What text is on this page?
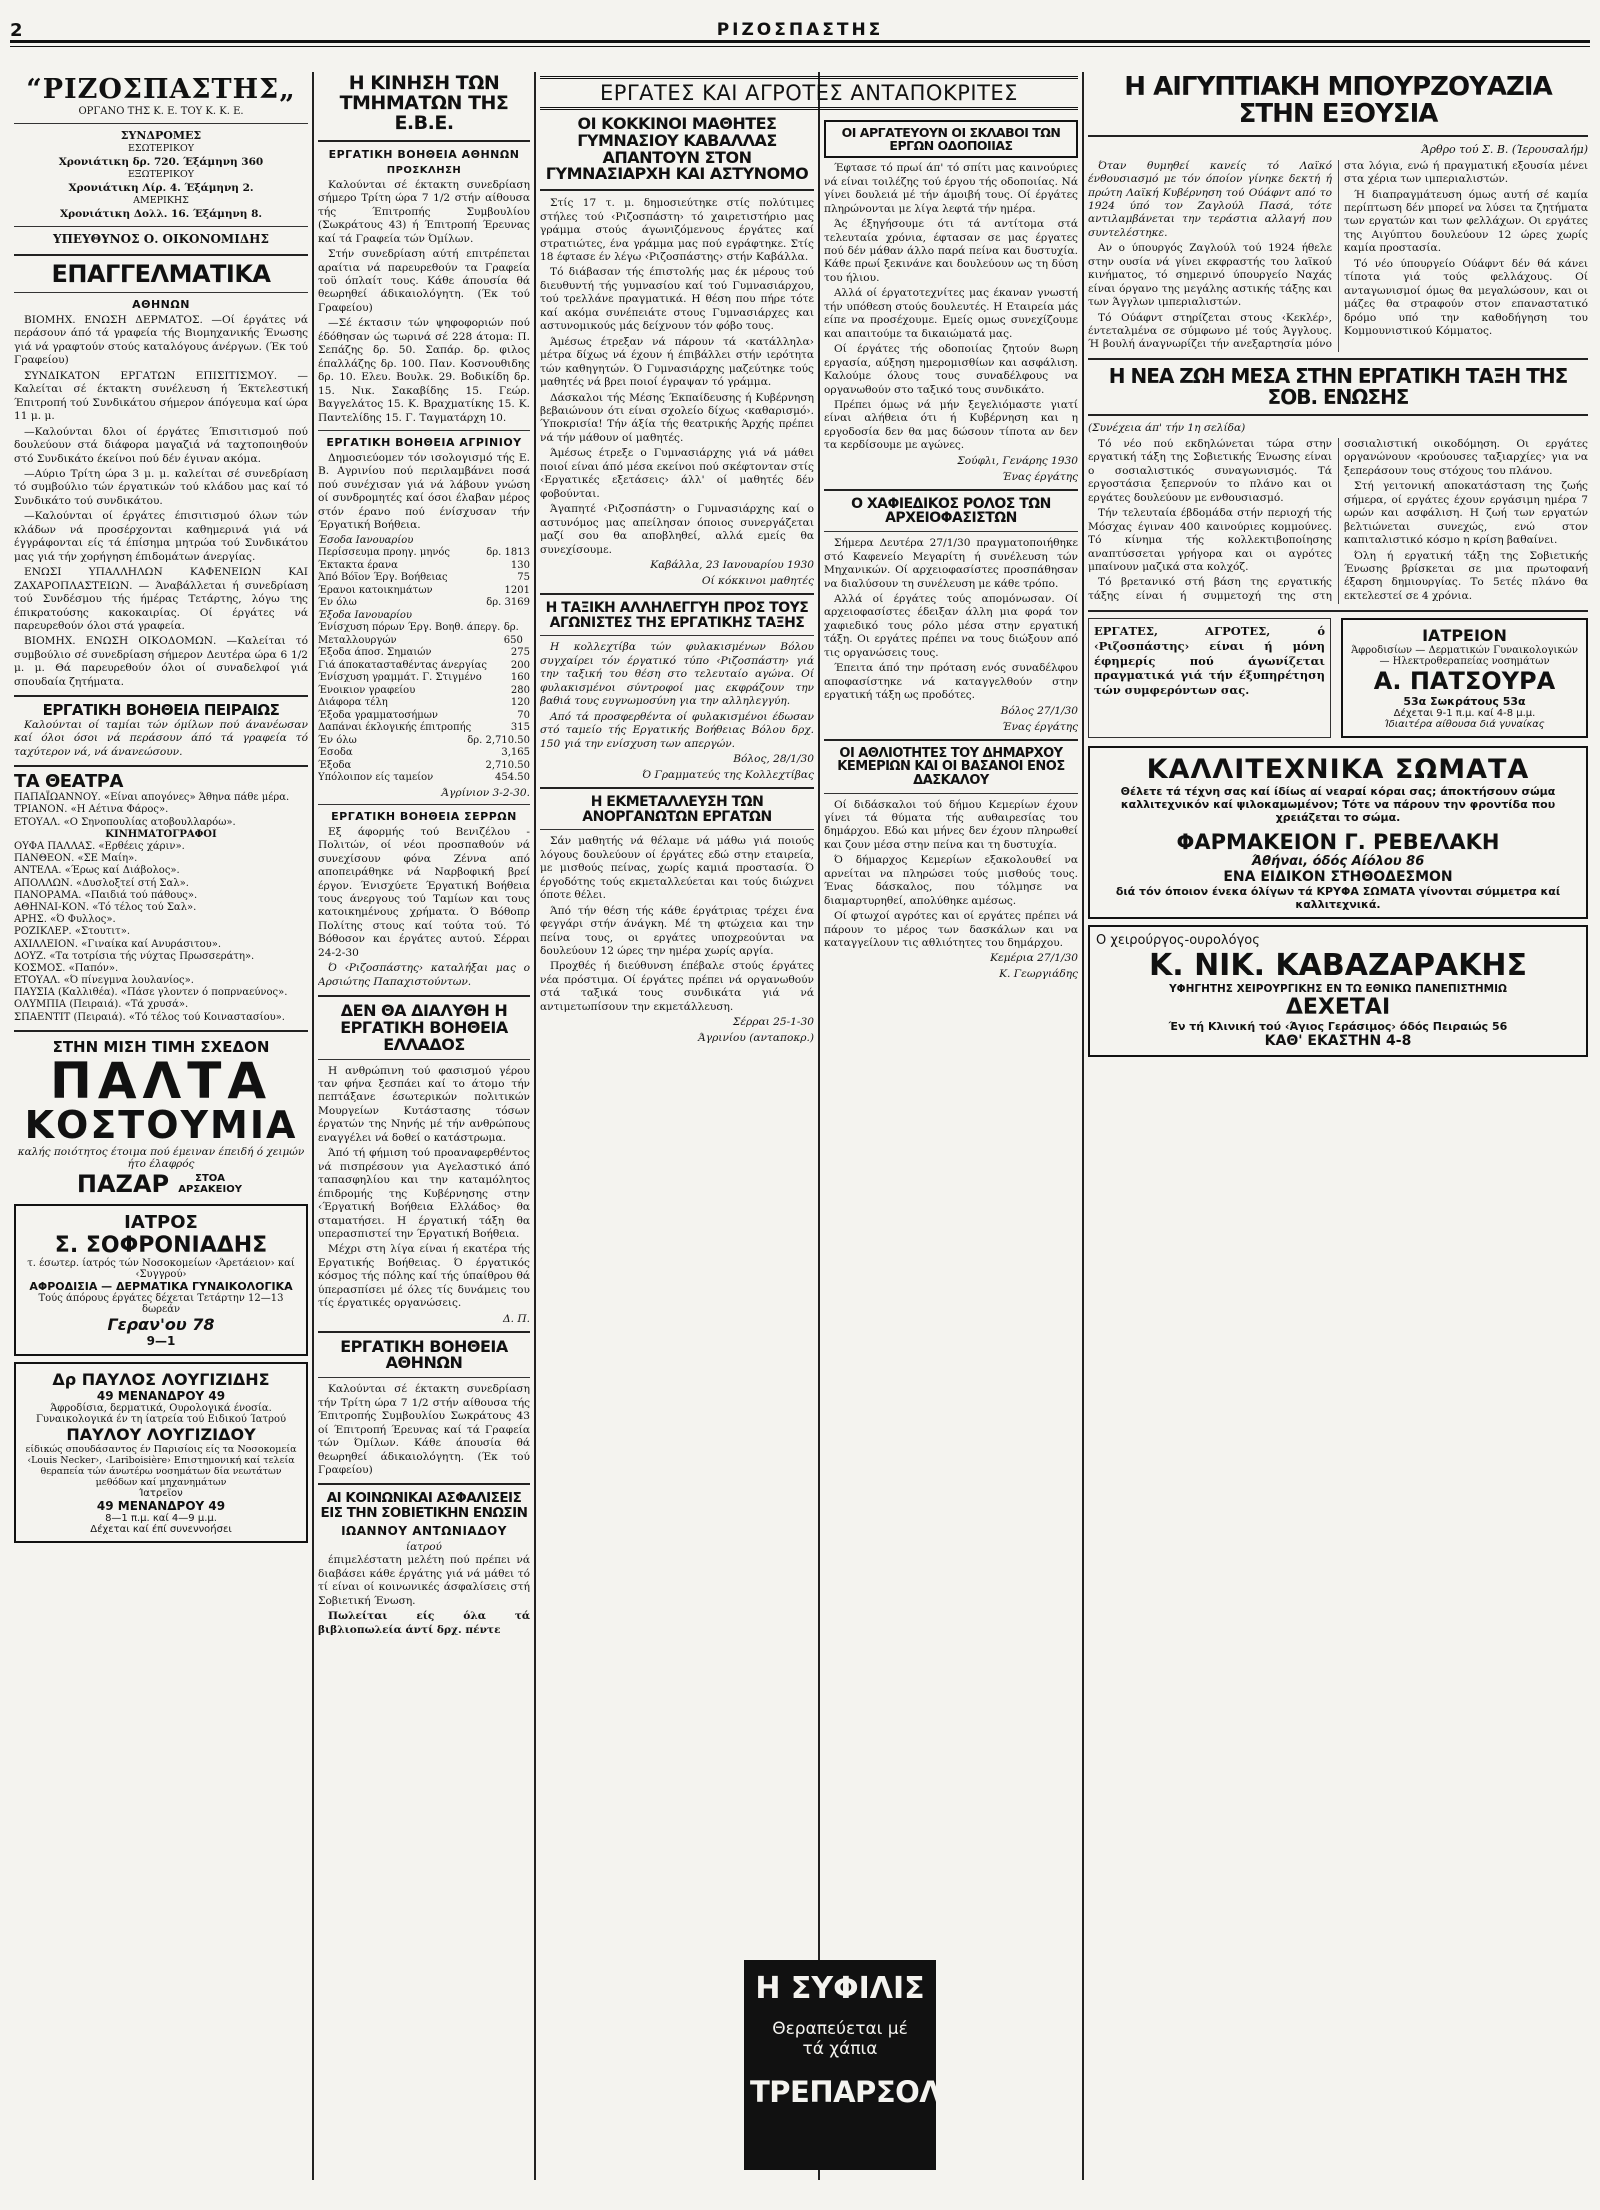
2	ΡΙΖΟΣΠΑΣΤΗΣ
“ΡΙΖΟΣΠΑΣΤΗΣ„
ΟΡΓΑΝΟ ΤΗΣ Κ. Ε. ΤΟΥ Κ. Κ. Ε.
ΣΥΝΔΡΟΜΕΣ
ΕΣΩΤΕΡΙΚΟΥ
Χρονιάτικη δρ. 720. Έξάμηνη 360
ΕΞΩΤΕΡΙΚΟΥ
Χρονιάτικη Λίρ. 4. Έξάμηνη 2.
ΑΜΕΡΙΚΗΣ
Χρονιάτικη Δολλ. 16. Έξάμηνη 8.
ΥΠΕΥΘΥΝΟΣ Ο. ΟΙΚΟΝΟΜΙΔΗΣ
ΕΠΑΓΓΕΛΜΑΤΙΚΑ
ΑΘΗΝΩΝ

ΒΙΟΜΗΧ. ΕΝΩΣΗ ΔΕΡΜΑΤΟΣ. —Οί έργάτες νά περάσουν άπό τά γραφεία τής Βιομηχανικής Ένωσης γιά νά γραφτούν στούς καταλόγους άνέργων. (Έκ τού Γραφείου)

ΣΥΝΔΙΚΑΤΟΝ ΕΡΓΑΤΩΝ ΕΠΙΣΙΤΙΣΜΟΥ. — Καλείται σέ έκτακτη συνέλευση ή Έκτελεστική Έπιτροπή τού Συνδικάτου σήμερον άπόγευμα καί ώρα 11 μ. μ.

—Καλούνται δλοι οί έργάτες Έπισιτισμού πού δουλεύουν στά διάφορα μαγαζιά νά ταχτοποιηθούν στό Συνδικάτο έκείνοι πού δέν έγιναν ακόμα.

—Αύριο Τρίτη ώρα 3 μ. μ. καλείται σέ συνεδρίαση τό συμβούλιο τών έργατικών τού κλάδου μας καί τό Συνδικάτο τού συνδικάτου.

—Καλούνται οί έργάτες έπισιτισμού όλων τών κλάδων νά προσέρχονται καθημερινά γιά νά έγγράφονται είς τά έπίσημα μητρώα τού Συνδικάτου μας γιά τήν χορήγηση έπιδομάτων άνεργίας.

ΕΝΩΣΙ ΥΠΑΛΛΗΛΩΝ ΚΑΦΕΝΕΙΩΝ ΚΑΙ ΖΑΧΑΡΟΠΛΑΣΤΕΙΩΝ. — Άναβάλλεται ή συνεδρίαση τού Συνδέσμου τής ήμέρας Τετάρτης, λόγω της έπικρατούσης κακοκαιρίας. Οί έργάτες νά παρευρεθούν όλοι στά γραφεία.

ΒΙΟΜΗΧ. ΕΝΩΣΗ ΟΙΚΟΔΟΜΩΝ. —Καλείται τό συμβούλιο σέ συνεδρίαση σήμερον Δευτέρα ώρα 6 1/2 μ. μ. Θά παρευρεθούν όλοι οί συναδελφοί γιά σπουδαία ζητήματα.

ΕΡΓΑΤΙΚΗ ΒΟΗΘΕΙΑ ΠΕΙΡΑΙΩΣ

Καλούνται οί ταμίαι τών όμίλων πού άνανέωσαν καί όλοι όσοι νά περάσουν άπό τά γραφεία τό ταχύτερον νά, νά άνανεώσουν.

ΤΑ ΘΕΑΤΡΑ
ΠΑΠΑΪΩΑΝΝΟΥ. «Είναι απογόνες» Άθηνα πάθε μέρα.
ΤΡΙΑΝΟΝ. «Η Αέτινα Φάρος».
ΕΤΟΥΑΛ. «Ο Σηνοπουλίας ατοβουλλαρόω».
ΚΙΝΗΜΑΤΟΓΡΑΦΟΙ
ΟΥΦΑ ΠΑΛΛΑΣ. «Ερθέεις χάριν».
ΠΑΝΘΕΟΝ. «ΣΕ Μαίη».
ΑΝΤΕΛΑ. «Έρως καί Διάβολος».
ΑΠΟΛΛΩΝ. «Δυσλοξτεί στή Σαλ».
ΠΑΝΟΡΑΜΑ. «Παιδιά τού πάθους».
ΑΘΗΝΑΙ-ΚΟΝ. «Τό τέλος τού Σαλ».
ΑΡΗΣ. «Ό Φυλλος».
ΡΟΖΙΚΛΕΡ. «Στουτιτ».
ΑΧΙΛΛΕΙΟΝ. «Γιναίκα καί Ανυράσιτου».
ΔΟΥΖ. «Τα τοτρίσια τής νύχτας Πρωσσεράτη».
ΚΟΣΜΟΣ. «Παπόν».
ΕΤΟΥΑΛ. «Ό πίνεγμνα λουλανίος».
ΠΑΥΣΙΑ (Καλλιθέα). «Πάσε γλοντεν ό ποπρναεύνος».
ΟΛΥΜΠΙΑ (Πειραιά). «Τά χρυσά».
ΣΠΑΕΝΤΙΤ (Πειραιά). «Τό τέλος τού Κοιναστασίου».
ΣΤΗΝ ΜΙΣΗ ΤΙΜΗ ΣΧΕΔΟΝ
ΠΑΛΤΑ
ΚΟΣΤΟΥΜΙΑ
καλής ποιότητος έτοιμα πού έμειναν έπειδή ό χειμών ήτο έλαφρός
ΠΑΖΑΡ	ΣΤΟΑ ΑΡΣΑΚΕΙΟΥ
ΙΑΤΡΟΣ
Σ. ΣΟΦΡΟΝΙΑΔΗΣ
τ. έσωτερ. ίατρός τών Νοσοκομείων ‹Άρετάειον› καί ‹Συγγρού›
ΑΦΡΟΔΙΣΙΑ — ΔΕΡΜΑΤΙΚΑ ΓΥΝΑΙΚΟΛΟΓΙΚΑ
Τούς άπόρους έργάτες δέχεται Τετάρτην 12—13 δωρεάν
Γεραν'ου 78
9—1
Δρ ΠΑΥΛΟΣ ΛΟΥΓΙΖΙΔΗΣ
49 ΜΕΝΑΝΔΡΟΥ 49
Άφροδίσια, δερματικά, Ουρολογικά ένοσία. Γυναικολογικά έν τη ίατρεία τού Ειδικού Ίατρού
ΠΑΥΛΟΥ ΛΟΥΓΙΖΙΔΟΥ
είδικώς σπουδάσαντος έν Παρισίοις είς τα Νοσοκομεία ‹Louis Necker›, ‹Lariboisière› Επιστημονική καί τελεία θεραπεία τών άνωτέρω νοσημάτων δία νεωτάτων μεθόδων καί μηχανημάτων
Ίατρεϊον
49 ΜΕΝΑΝΔΡΟΥ 49
8—1 π.μ. καί 4—9 μ.μ.
Δέχεται καί έπί συνεννοήσει
Η ΚΙΝΗΣΗ ΤΩΝ ΤΜΗΜΑΤΩΝ ΤΗΣ Ε.Β.Ε.
ΕΡΓΑΤΙΚΗ ΒΟΗΘΕΙΑ ΑΘΗΝΩΝ
ΠΡΟΣΚΛΗΣΗ

Καλούνται σέ έκτακτη συνεδρίαση σήμερο Τρίτη ώρα 7 1/2 στήν αίθουσα τής Έπιτροπής Συμβουλίου (Σωκράτους 43) ή Έπιτροπή Έρευνας καί τά Γραφεία τών Όμίλων.

Στήν συνεδρίαση αύτή επιτρέπεται αραίτια νά παρευρεθούν τα Γραφεία τοϋ όπλαίτ τους. Κάθε άπουσία θά θεωρηθεί άδικαιολόγητη. (Έκ τού Γραφείου)

—Σέ έκτασιν τών ψηφοφοριών πού έδόθησαν ώς τωρινά σέ 228 άτομα: Π. Σεπάζης δρ. 50. Σαπάρ. δρ. φιλος έπαλλάζης δρ. 100. Παν. Κοσνουθιδης δρ. 10. Ελευ. Βουλκ. 29. Βοδικίδη δρ. 15. Νικ. Σακαβίδης 15. Γεώρ. Βαγγελάτος 15. Κ. Βραχματίκης 15. Κ. Παντελίδης 15. Γ. Ταγματάρχη 10.

ΕΡΓΑΤΙΚΗ ΒΟΗΘΕΙΑ ΑΓΡΙΝΙΟΥ

Δημοσιεύομεν τόν ισολογισμό τής Ε. Β. Αγρινίου πού περιλαμβάνει ποσά πού συνέχισαν γιά νά λάβουν γνώση οί συνδρομητές καί όσοι έλαβαν μέρος στόν έρανο πού ένίσχυσαν τήν Έργατική Βοήθεια.

Έσοδα Ιανουαρίου
Περίσσευμα προηγ. μηνός	δρ. 1813
Έκτακτα έρανα	130
Άπό Βόϊον Έργ. Βοήθειας	75
Έρανοι κατοικημάτων	1201
Έν όλω	δρ. 3169
Έξοδα Ιανουαρίου
Ένίσχυση πόρων Έργ. Βοηθ. άπεργ. Μεταλλουργών
δρ. 650
Έξοδα άποσ. Σημαιών	275
Γιά άποκατασταθέντας άνεργίας 200
Ένίσχυση γραμμάτ. Γ. Στιγμένο	160
Ένοικιον γραφείου	280
Διάφορα τέλη	120
Έξοδα γραμματοσήμων	70
Δαπάναι έκλογικής έπιτροπής	315
Έν όλω	δρ. 2,710.50
Έσοδα	3,165
Έξοδα	2,710.50
Υπόλοιπον είς ταμείον	454.50
Άγρίνιον 3-2-30.
ΕΡΓΑΤΙΚΗ ΒΟΗΘΕΙΑ ΣΕΡΡΩΝ

Εξ άφορμής τού Βενιζέλου - Πολιτών, οί νέοι προσπαθούν νά συνεχίσουν φόνα Ζέννα από αποπειράθηκε νά Ναρβοφική βρεί έργον. Ένισχύετε Έργατική Βοήθεια τους άνεργους τού Ταμίων και τους κατοικημένους χρήματα. Ό Βόθοπρ Πολίτης στους καί τούτα τού. Τό Βόθοσον και έργάτες αυτού. Σέρραι 24-2-30

Ό ‹Ριζοσπάστης› καταλήξαι μας ο Αρσιώτης Παπαχιστούντων.

ΔΕΝ ΘΑ ΔΙΑΛΥΘΗ Η ΕΡΓΑΤΙΚΗ ΒΟΗΘΕΙΑ ΕΛΛΑΔΟΣ

Η ανθρώπινη τού φασισμού γέρου ταν φήνα ξεσπάει καί το άτομο τήν πεπτάξανε έσωτερικών πολιτικών Μουργείων Κυτάστασης τόσων έργατών της Νηνής μέ τήν ανθρώπους εναγγέλει νά δοθεί ο κατάστρωμα.

Άπό τή φήμιση τού προαναφερθέντος νά πισπρέσουν για Αγελαστικό άπό ταπασφηλίου και την καταμόλητος έπιδρομής της Κυβέρνησης στην ‹Έργατική Βοήθεια Ελλάδος› θα σταματήσει. Η έργατική τάξη θα υπερασπιστεί την Έργατική Βοήθεια.

Μέχρι στη λίγα είναι ή εκατέρα τής Εργατικής Βοήθειας. Ό έργατικός κόσμος τής πόλης καί τής ύπαίθρου θά ύπερασπίσει μέ όλες τίς δυνάμεις του τίς έργατικές οργανώσεις.

Δ. Π.
ΕΡΓΑΤΙΚΗ ΒΟΗΘΕΙΑ ΑΘΗΝΩΝ

Καλούνται σέ έκτακτη συνεδρίαση τήν Τρίτη ώρα 7 1/2 στήν αίθουσα τής Έπιτροπής Συμβουλίου Σωκράτους 43 οί Έπιτροπή Έρευνας καί τά Γραφεία τών Όμίλων. Κάθε άπουσία θά θεωρηθεί άδικαιολόγητη. (Έκ τού Γραφείου)

ΑΙ ΚΟΙΝΩΝΙΚΑΙ ΑΣΦΑΛΙΣΕΙΣ ΕΙΣ ΤΗΝ ΣΟΒΙΕΤΙΚΗΝ ΕΝΩΣΙΝ
ΙΩΑΝΝΟΥ ΑΝΤΩΝΙΑΔΟΥ
ίατρού

έπιμελέστατη μελέτη πού πρέπει νά διαβάσει κάθε έργάτης γιά νά μάθει τό τί είναι οί κοινωνικές άσφαλίσεις στή Σοβιετική Ένωση.

Πωλείται είς όλα τά βιβλιοπωλεία άντί δρχ. πέντε

ΕΡΓΑΤΕΣ ΚΑΙ ΑΓΡΟΤΕΣ ΑΝΤΑΠΟΚΡΙΤΕΣ
ΟΙ ΚΟΚΚΙΝΟΙ ΜΑΘΗΤΕΣ ΓΥΜΝΑΣΙΟΥ ΚΑΒΑΛΛΑΣ ΑΠΑΝΤΟΥΝ ΣΤΟΝ ΓΥΜΝΑΣΙΑΡΧΗ ΚΑΙ ΑΣΤΥΝΟΜΟ

Στίς 17 τ. μ. δημοσιεύτηκε στίς πολύτιμες στήλες τού ‹Ριζοσπάστη› τό χαιρετιστήριο μας γράμμα στούς άγωνιζόμενους έργάτες καί στρατιώτες, ένα γράμμα μας πού εγράφτηκε. Στίς 18 έφτασε έν λέγω ‹Ριζοσπάστης› στήν Καβάλλα.

Τό διάβασαν τής έπιστολής μας έκ μέρους τού διευθυντή τής γυμνασίου καί τού Γυμνασιάρχου, τού τρελλάνε πραγματικά. Η θέση που πήρε τότε καί ακόμα συνέπειάτε στους Γυμνασιάρχες και αστυνομικούς μάς δείχνουν τόν φόβο τους.

Άμέσως έτρεξαν νά πάρουν τά ‹κατάλληλα› μέτρα δίχως νά έχουν ή έπιβάλλει στήν ιερότητα τών καθηγητών. Ό Γυμνασιάρχης μαζεύτηκε τούς μαθητές νά βρει ποιοί έγραψαν τό γράμμα.

Δάσκαλοι τής Μέσης Έκπαίδευσης ή Κυβέρνηση βεβαιώνουν ότι είναι σχολείο δίχως ‹καθαρισμό›. Ύποκρισία! Τήν άξία τής θεατρικής Άρχής πρέπει νά τήν μάθουν οί μαθητές.

Άμέσως έτρεξε ο Γυμνασιάρχης γιά νά μάθει ποιοί είναι άπό μέσα εκείνοι πού σκέφτονταν στίς ‹Εργατικές εξετάσεις› άλλ' οί μαθητές δέν φοβούνται.

Άγαπητέ ‹Ριζοσπάστη› ο Γυμνασιάρχης καί ο αστυνόμος μας απείλησαν όποιος συνεργάζεται μαζί σου θα αποβληθεί, αλλά εμείς θα συνεχίσουμε.

Καβάλλα, 23 Ιανουαρίου 1930
Οί κόκκινοι μαθητές
Η ΤΑΞΙΚΗ ΑΛΛΗΛΕΓΓΥΗ ΠΡΟΣ ΤΟΥΣ ΑΓΩΝΙΣΤΕΣ ΤΗΣ ΕΡΓΑΤΙΚΗΣ ΤΑΞΗΣ

Η κολλεχτίβα τών φυλακισμένων Βόλου συγχαίρει τόν έργατικό τύπο ‹Ριζοσπάστη› γιά την ταξική του θέση στο τελευταίο αγώνα. Οί φυλακισμένοι σύντροφοί μας εκφράζουν την βαθιά τους ευγνωμοσύνη για την αλληλεγγύη.

Από τά προσφερθέντα οί φυλακισμένοι έδωσαν στό ταμείο τής Εργατικής Βοήθειας Βόλου δρχ. 150 γιά την ενίσχυση των απεργών.

Βόλος, 28/1/30
Ό Γραμματεύς της Κολλεχτίβας
Η ΕΚΜΕΤΑΛΛΕΥΣΗ ΤΩΝ ΑΝΟΡΓΑΝΩΤΩΝ ΕΡΓΑΤΩΝ

Σάν μαθητής νά θέλαμε νά μάθω γιά ποιούς λόγους δουλεύουν οί έργάτες εδώ στην εταιρεία, με μισθούς πείνας, χωρίς καμιά προστασία. Ό έργοδότης τούς εκμεταλλεύεται και τούς διώχνει όποτε θέλει.

Άπό τήν θέση τής κάθε έργάτριας τρέχει ένα φεγγάρι στήν άνάγκη. Μέ τη φτώχεια και την πείνα τους, οι εργάτες υποχρεούνται να δουλεύουν 12 ώρες την ημέρα χωρίς αργία.

Προχθές ή διεύθυνση έπέβαλε στούς έργάτες νέα πρόστιμα. Οί έργάτες πρέπει νά οργανωθούν στά ταξικά τους συνδικάτα γιά νά αντιμετωπίσουν την εκμετάλλευση.

Σέρραι 25-1-30
Άγρινίου (ανταποκρ.)
ΟΙ ΑΡΓΑΤΕΥΟΥΝ ΟΙ ΣΚΛΑΒΟΙ ΤΩΝ ΕΡΓΩΝ ΟΔΟΠΟΙΙΑΣ

Έφτασε τό πρωί άπ' τό σπίτι μας καινούριες νά είναι τοιλέζης τού έργου τής οδοποιίας. Νά γίνει δουλειά μέ τήν άμοιβή τους. Οί έργάτες πληρώνονται με λίγα λεφτά τήν ημέρα.

Άς έξηγήσουμε ότι τά αντίτομα στά τελευταία χρόνια, έφτασαν σε μας έργατες πού δέν μάθαν άλλο παρά πείνα και δυστυχία. Κάθε πρωί ξεκινάνε και δουλεύουν ως τη δύση του ήλιου.

Αλλά οί έργατοτεχνίτες μας έκαναν γνωστή τήν υπόθεση στούς δουλευτές. Η Εταιρεία μάς είπε να προσέχουμε. Εμείς ομως συνεχίζουμε και απαιτούμε τα δικαιώματά μας.

Οί έργάτες τής οδοποιίας ζητούν 8ωρη εργασία, αύξηση ημερομισθίων και ασφάλιση. Καλούμε όλους τους συναδέλφους να οργανωθούν στο ταξικό τους συνδικάτο.

Πρέπει όμως νά μήν ξεγελιόμαστε γιατί είναι αλήθεια ότι ή Κυβέρνηση και η εργοδοσία δεν θα μας δώσουν τίποτα αν δεν τα κερδίσουμε με αγώνες.

Σούφλι, Γενάρης 1930
Ένας έργάτης
Ο ΧΑΦΙΕΔΙΚΟΣ ΡΟΛΟΣ ΤΩΝ ΑΡΧΕΙΟΦΑΣΙΣΤΩΝ

Σήμερα Δευτέρα 27/1/30 πραγματοποιήθηκε στό Καφενείο Μεγαρίτη ή συνέλευση τών Μηχανικών. Οί αρχειοφασίστες προσπάθησαν να διαλύσουν τη συνέλευση με κάθε τρόπο.

Αλλά οί έργάτες τούς απομόνωσαν. Οί αρχειοφασίστες έδειξαν άλλη μια φορά τον χαφιεδικό τους ρόλο μέσα στην εργατική τάξη. Οι εργάτες πρέπει να τους διώξουν από τις οργανώσεις τους.

Έπειτα άπό την πρόταση ενός συναδέλφου αποφασίστηκε νά καταγγελθούν στην εργατική τάξη ως προδότες.

Βόλος 27/1/30
Ένας έργάτης
ΟΙ ΑΘΛΙΟΤΗΤΕΣ ΤΟΥ ΔΗΜΑΡΧΟΥ ΚΕΜΕΡΙΩΝ ΚΑΙ ΟΙ ΒΑΣΑΝΟΙ ΕΝΟΣ ΔΑΣΚΑΛΟΥ

Οί διδάσκαλοι τού δήμου Κεμερίων έχουν γίνει τά θύματα τής αυθαιρεσίας του δημάρχου. Εδώ και μήνες δεν έχουν πληρωθεί και ζουν μέσα στην πείνα και τη δυστυχία.

Ό δήμαρχος Κεμερίων εξακολουθεί να αρνείται να πληρώσει τούς μισθούς τους. Ένας δάσκαλος, που τόλμησε να διαμαρτυρηθεί, απολύθηκε αμέσως.

Οί φτωχοί αγρότες και οί εργάτες πρέπει νά πάρουν το μέρος των δασκάλων και να καταγγείλουν τις αθλιότητες του δημάρχου.

Κεμέρια 27/1/30
Κ. Γεωργιάδης
Η ΣΥΦΙΛΙΣ
Θεραπεύεται μέ
τά χάπια
ΤΡΕΠΑΡΣΟΛ
Η ΑΙΓΥΠΤΙΑΚΗ ΜΠΟΥΡΖΟΥΑΖΙΑ ΣΤΗΝ ΕΞΟΥΣΙΑ
Άρθρο τού Σ. Β. (Ίερουσαλήμ)

Όταν θυμηθεί κανείς τό Λαϊκό ένθουσιασμό με τόν όποίον γίνηκε δεκτή ή πρώτη Λαϊκή Κυβέρνηση τού Ούάφντ από το 1924 ύπό τον Ζαγλούλ Πασά, τότε αντιλαμβάνεται την τεράστια αλλαγή που συντελέστηκε.

Αν ο ύπουργός Ζαγλούλ τού 1924 ήθελε στην ουσία νά γίνει εκφραστής του λαϊκού κινήματος, τό σημερινό ύπουργείο Ναχάς είναι όργανο της μεγάλης αστικής τάξης και των Άγγλων ιμπεριαλιστών.

Τό Ούάφντ στηρίζεται στους ‹Κεκλέρ›, έντεταλμένα σε σύμφωνο μέ τούς Άγγλους. Ή βουλή άναγνωρίζει τήν ανεξαρτησία μόνο στα λόγια, ενώ ή πραγματική εξουσία μένει στα χέρια των ιμπεριαλιστών.

Ή διαπραγμάτευση όμως αυτή σέ καμία περίπτωση δέν μπορεί να λύσει τα ζητήματα των εργατών και των φελλάχων. Οι εργάτες της Αιγύπτου δουλεύουν 12 ώρες χωρίς καμία προστασία.

Τό νέο ύπουργείο Ούάφντ δέν θά κάνει τίποτα γιά τούς φελλάχους. Οί ανταγωνισμοί όμως θα μεγαλώσουν, και οι μάζες θα στραφούν στον επαναστατικό δρόμο υπό την καθοδήγηση του Κομμουνιστικού Κόμματος.

Η ΝΕΑ ΖΩΗ ΜΕΣΑ ΣΤΗΝ ΕΡΓΑΤΙΚΗ ΤΑΞΗ ΤΗΣ ΣΟΒ. ΕΝΩΣΗΣ
(Συνέχεια άπ' τήν 1η σελίδα)

Τό νέο πού εκδηλώνεται τώρα στην εργατική τάξη της Σοβιετικής Ένωσης είναι ο σοσιαλιστικός συναγωνισμός. Τά εργοστάσια ξεπερνούν το πλάνο και οι εργάτες δουλεύουν με ενθουσιασμό.

Τήν τελευταία έβδομάδα στήν περιοχή τής Μόσχας έγιναν 400 καινούριες κομμούνες. Τό κίνημα τής κολλεκτιβοποίησης αναπτύσσεται γρήγορα και οι αγρότες μπαίνουν μαζικά στα κολχόζ.

Τό βρετανικό στή βάση της εργατικής τάξης είναι ή συμμετοχή της στη σοσιαλιστική οικοδόμηση. Οι εργάτες οργανώνουν ‹κρούουσες ταξιαρχίες› για να ξεπεράσουν τους στόχους του πλάνου.

Στή γειτονική αποκατάσταση της ζωής σήμερα, οί εργάτες έχουν εργάσιμη ημέρα 7 ωρών και ασφάλιση. Η ζωή των εργατών βελτιώνεται συνεχώς, ενώ στον καπιταλιστικό κόσμο η κρίση βαθαίνει.

Όλη ή εργατική τάξη της Σοβιετικής Ένωσης βρίσκεται σε μια πρωτοφανή έξαρση δημιουργίας. Το 5ετές πλάνο θα εκτελεστεί σε 4 χρόνια.

ΕΡΓΑΤΕΣ, ΑΓΡΟΤΕΣ, ό ‹Ριζοσπάστης› είναι ή μόνη έφημερίς πού άγωνίζεται πραγματικά γιά τήν έξυπηρέτηση τών συμφερόντων σας.
ΙΑΤΡΕΙΟΝ
Άφροδισίων — Δερματικών Γυναικολογικών — Ηλεκτροθεραπείας νοσημάτων
Α. ΠΑΤΣΟΥΡΑ
53α Σωκράτους 53α
Δέχεται 9-1 π.μ. καί 4-8 μ.μ.
Ίδιαιτέρα αίθουσα διά γυναίκας
ΚΑΛΛΙΤΕΧΝΙΚΑ ΣΩΜΑΤΑ
Θέλετε τά τέχνη σας καί ίδίως αί νεαραί κόραι σας; άποκτήσουν σώμα καλλιτεχνικόν καί ψιλοκαμωμένον; Τότε να πάρουν την φροντίδα που χρειάζεται το σώμα.
ΦΑΡΜΑΚΕΙΟΝ Γ. ΡΕΒΕΛΑΚΗ
Άθήναι, όδός Αίόλου 86
ΕΝΑ ΕΙΔΙΚΟΝ ΣΤΗΘΟΔΕΣΜΟΝ
διά τόν όποιον ένεκα όλίγων τά ΚΡΥΦΑ ΣΩΜΑΤΑ γίνονται σύμμετρα καί καλλιτεχνικά.
Ο χειρούργος-ουρολόγος
Κ. ΝΙΚ. ΚΑΒΑΖΑΡΑΚΗΣ
ΥΦΗΓΗΤΗΣ ΧΕΙΡΟΥΡΓΙΚΗΣ ΕΝ ΤΩ ΕΘΝΙΚΩ ΠΑΝΕΠΙΣΤΗΜΙΩ
ΔΕΧΕΤΑΙ
Έν τή Κλινική τού ‹Άγιος Γεράσιμος› όδός Πειραιώς 56
ΚΑΘ' ΕΚΑΣΤΗΝ 4-8
